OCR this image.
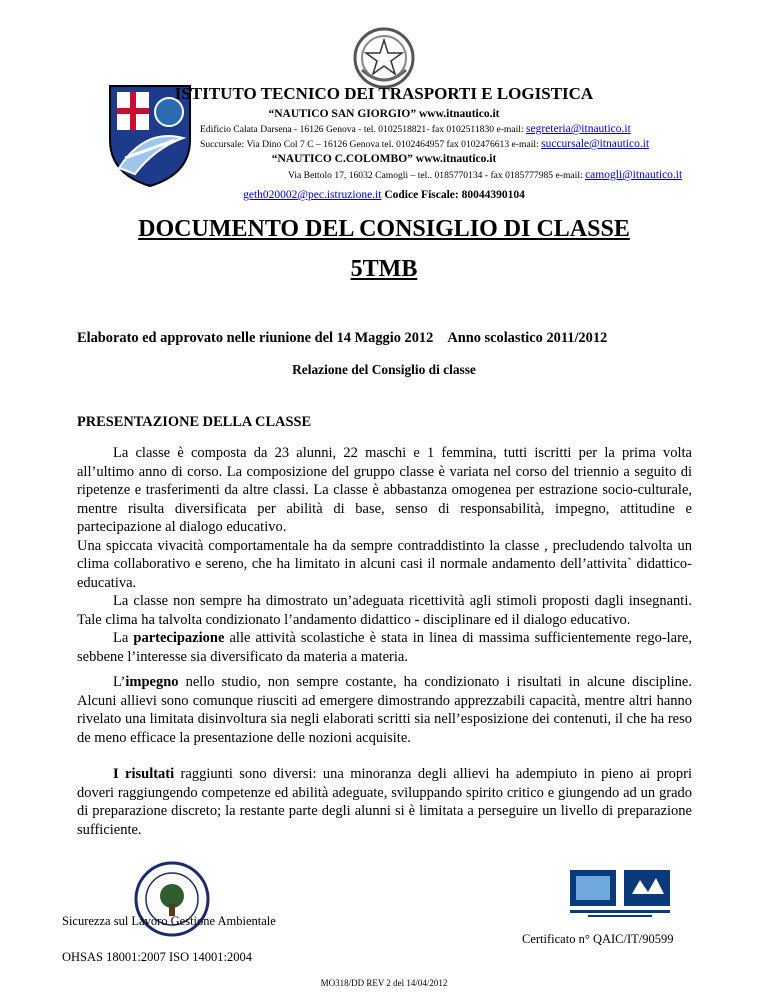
ISTITUTO TECNICO DEI TRASPORTI E LOGISTICA
“NAUTICO SAN GIORGIO” www.itnautico.it
Edificio Calata Darsena - 16126 Genova - tel. 0102518821- fax 0102511830 e-mail: segreteria@itnautico.it
Succursale: Via Dino Col 7 C – 16126 Genova tel. 0102464957 fax 0102476613 e-mail: succursale@itnautico.it
“NAUTICO C.COLOMBO” www.itnautico.it
Via Bettolo 17, 16032 Camogli – tel.. 0185770134 - fax 0185777985 e-mail: camogli@itnautico.it
geth020002@pec.istruzione.it Codice Fiscale: 80044390104
DOCUMENTO DEL CONSIGLIO DI CLASSE
5TMB
Elaborato ed approvato nelle riunione del 14 Maggio 2012 Anno scolastico 2011/2012
Relazione del Consiglio di classe
PRESENTAZIONE DELLA CLASSE

La classe è composta da 23 alunni, 22 maschi e 1 femmina, tutti iscritti per la prima volta all’ultimo anno di corso. La composizione del gruppo classe è variata nel corso del triennio a seguito di ripetenze e trasferimenti da altre classi. La classe è abbastanza omogenea per estrazione socio-culturale, mentre risulta diversificata per abilità di base, senso di responsabilità, impegno, attitudine e partecipazione al dialogo educativo.

Una spiccata vivacità comportamentale ha da sempre contraddistinto la classe , precludendo talvolta un clima collaborativo e sereno, che ha limitato in alcuni casi il normale andamento dell’attivita` didattico-educativa.

La classe non sempre ha dimostrato un’adeguata ricettività agli stimoli proposti dagli insegnanti. Tale clima ha talvolta condizionato l’andamento didattico - disciplinare ed il dialogo educativo.

La partecipazione alle attività scolastiche è stata in linea di massima sufficientemente rego-lare, sebbene l’interesse sia diversificato da materia a materia.

L’impegno nello studio, non sempre costante, ha condizionato i risultati in alcune discipline. Alcuni allievi sono comunque riusciti ad emergere dimostrando apprezzabili capacità, mentre altri hanno rivelato una limitata disinvoltura sia negli elaborati scritti sia nell’esposizione dei contenuti, il che ha reso de meno efficace la presentazione delle nozioni acquisite.

I risultati raggiunti sono diversi: una minoranza degli allievi ha adempiuto in pieno ai propri doveri raggiungendo competenze ed abilità adeguate, sviluppando spirito critico e giungendo ad un grado di preparazione discreto; la restante parte degli alunni si è limitata a perseguire un livello di preparazione sufficiente.

Sicurezza sul Lavoro Gestione Ambientale
OHSAS 18001:2007 ISO 14001:2004
Certificato n° QAIC/IT/90599
MO318/DD REV 2 del 14/04/2012
